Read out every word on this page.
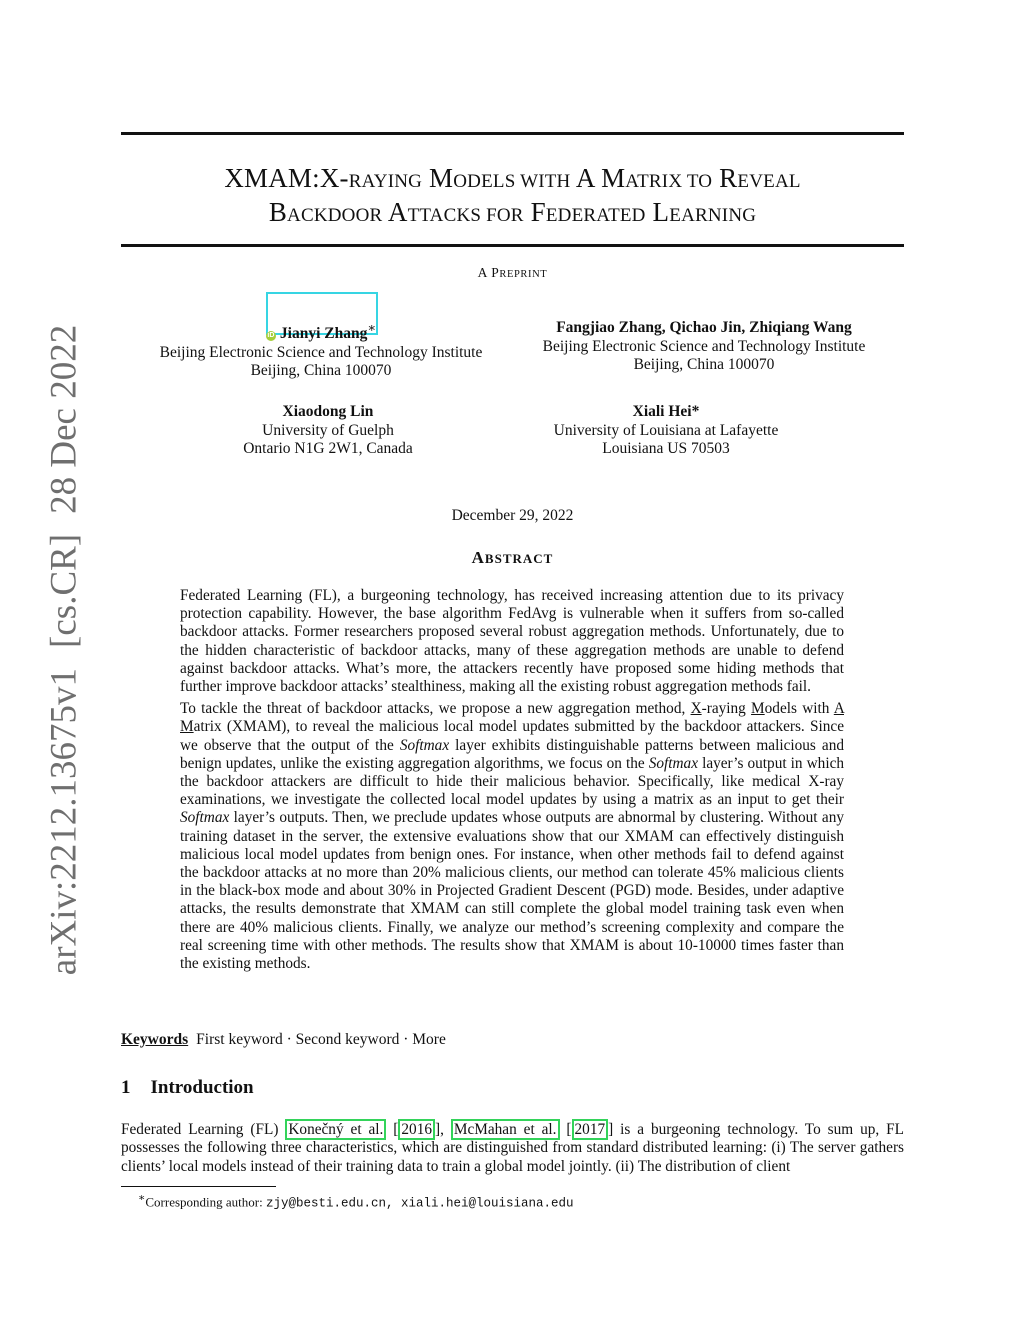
arXiv:2212.13675v1[cs.CR]28 Dec 2022
XMAM:X-RAYING MODELS WITH A MATRIX TO REVEAL
BACKDOOR ATTACKS FOR FEDERATED LEARNING
A PREPRINT
iD Jianyi Zhang∗
Beijing Electronic Science and Technology Institute
Beijing, China 100070
Fangjiao Zhang, Qichao Jin, Zhiqiang Wang
Beijing Electronic Science and Technology Institute
Beijing, China 100070
Xiaodong Lin
University of Guelph
Ontario N1G 2W1, Canada
Xiali Hei*
University of Louisiana at Lafayette
Louisiana US 70503
December 29, 2022
ABSTRACT

Federated Learning (FL), a burgeoning technology, has received increasing attention due to its privacy protection capability. However, the base algorithm FedAvg is vulnerable when it suffers from so-called backdoor attacks. Former researchers proposed several robust aggregation methods. Unfortunately, due to the hidden characteristic of backdoor attacks, many of these aggregation methods are unable to defend against backdoor attacks. What’s more, the attackers recently have proposed some hiding methods that further improve backdoor attacks’ stealthiness, making all the existing robust aggregation methods fail.

To tackle the threat of backdoor attacks, we propose a new aggregation method, X-raying Models with A Matrix (XMAM), to reveal the malicious local model updates submitted by the backdoor attackers. Since we observe that the output of the Softmax layer exhibits distinguishable patterns between malicious and benign updates, unlike the existing aggregation algorithms, we focus on the Softmax layer’s output in which the backdoor attackers are difficult to hide their malicious behavior. Specifically, like medical X-ray examinations, we investigate the collected local model updates by using a matrix as an input to get their Softmax layer’s outputs. Then, we preclude updates whose outputs are abnormal by clustering. Without any training dataset in the server, the extensive evaluations show that our XMAM can effectively distinguish malicious local model updates from benign ones. For instance, when other methods fail to defend against the backdoor attacks at no more than 20% malicious clients, our method can tolerate 45% malicious clients in the black-box mode and about 30% in Projected Gradient Descent (PGD) mode. Besides, under adaptive attacks, the results demonstrate that XMAM can still complete the global model training task even when there are 40% malicious clients. Finally, we analyze our method’s screening complexity and compare the real screening time with other methods. The results show that XMAM is about 10-10000 times faster than the existing methods.

Keywords First keyword · Second keyword · More
1 Introduction
Federated Learning (FL) Konečný et al. [ 2016 ], McMahan et al. [ 2017 ] is a burgeoning technology. To sum up, FL possesses the following three characteristics, which are distinguished from standard distributed learning: (i) The server gathers clients’ local models instead of their training data to train a global model jointly. (ii) The distribution of client
∗Corresponding author: zjy@besti.edu.cn, xiali.hei@louisiana.edu
